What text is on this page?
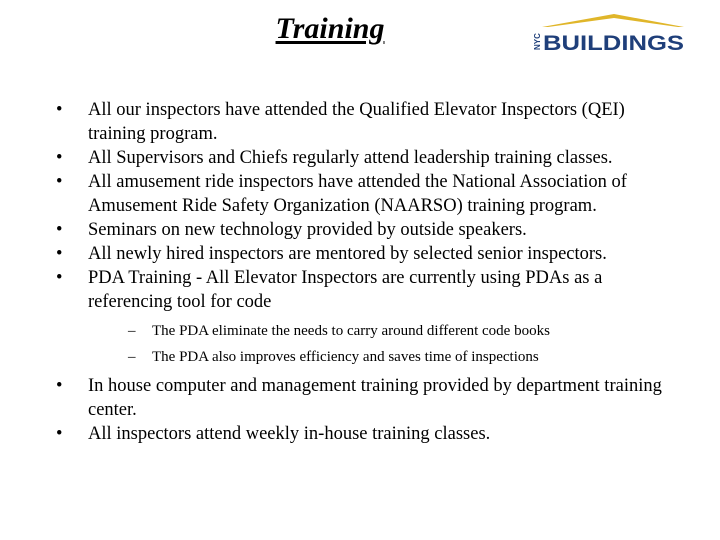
Training	NYC BUILDINGS
•	All our inspectors have attended the Qualified Elevator Inspectors (QEI) training program.
•	All Supervisors and Chiefs regularly attend leadership training classes.
•	All amusement ride inspectors have attended the National Association of Amusement Ride Safety Organization (NAARSO) training program.
•	Seminars on new technology provided by outside speakers.
•	All newly hired inspectors are mentored by selected senior inspectors.
•	PDA Training - All Elevator Inspectors are currently using PDAs as a referencing tool for code
– The PDA eliminate the needs to carry around different code books
– The PDA also improves efficiency and saves time of inspections
•	In house computer and management training provided by department training center.
•	All inspectors attend weekly in-house training classes.
